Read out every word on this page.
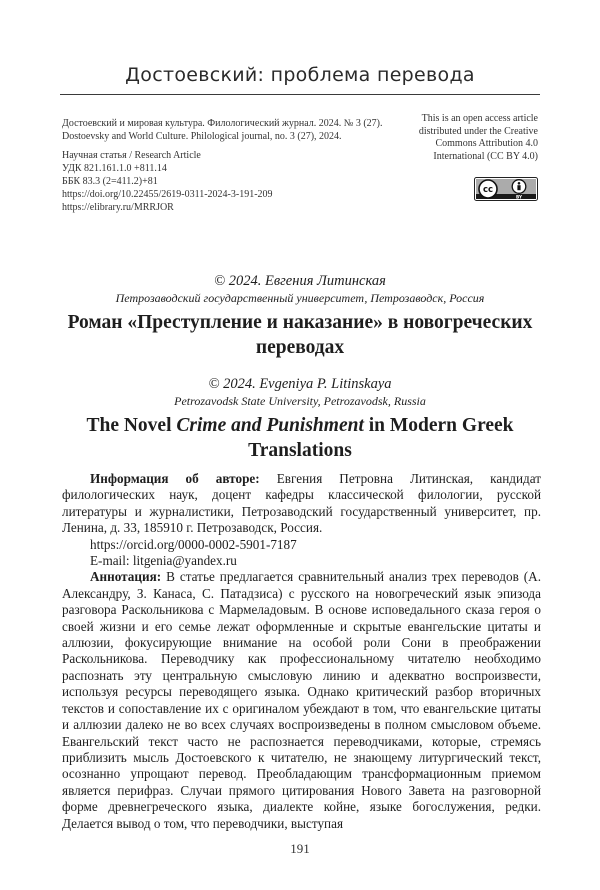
Достоевский: проблема перевода
Достоевский и мировая культура. Филологический журнал. 2024. № 3 (27).
Dostoevsky and World Culture. Philological journal, no. 3 (27), 2024.
Научная статья / Research Article
УДК 821.161.1.0 +811.14
ББК 83.3 (2=411.2)+81
https://doi.org/10.22455/2619-0311-2024-3-191-209
https://elibrary.ru/MRRJOR
This is an open access article
distributed under the Creative
Commons Attribution 4.0
International (CC BY 4.0)
cc
BY
© 2024. Евгения Литинская
Петрозаводский государственный университет, Петрозаводск, Россия
Роман «Преступление и наказание» в новогреческих переводах
© 2024. Evgeniya P. Litinskaya
Petrozavodsk State University, Petrozavodsk, Russia
The Novel Crime and Punishment in Modern Greek Translations

Информация об авторе: Евгения Петровна Литинская, кандидат филологических наук, доцент кафедры классической филологии, русской литературы и журналистики, Петрозаводский государственный университет, пр. Ленина, д. 33, 185910 г. Петрозаводск, Россия.

https://orcid.org/0000-0002-5901-7187
E-mail: litgenia@yandex.ru

Аннотация: В статье предлагается сравнительный анализ трех переводов (А. Александру, З. Канаса, С. Патадзиса) с русского на новогреческий язык эпизода разговора Раскольникова с Мармеладовым. В основе исповедального сказа героя о своей жизни и его семье лежат оформленные и скрытые евангельские цитаты и аллюзии, фокусирующие внимание на особой роли Сони в преображении Раскольникова. Переводчику как профессиональному читателю необходимо распознать эту центральную смысловую линию и адекватно воспроизвести, используя ресурсы переводящего языка. Однако критический разбор вторичных текстов и сопоставление их с оригиналом убеждают в том, что евангельские цитаты и аллюзии далеко не во всех случаях воспроизведены в полном смысловом объеме. Евангельский текст часто не распознается переводчиками, которые, стремясь приблизить мысль Достоевского к читателю, не знающему литургический текст, осознанно упрощают перевод. Преобладающим трансформационным приемом является перифраз. Случаи прямого цитирования Нового Завета на разговорной форме древнегреческого языка, диалекте койне, языке богослужения, редки. Делается вывод о том, что переводчики, выступая

191
